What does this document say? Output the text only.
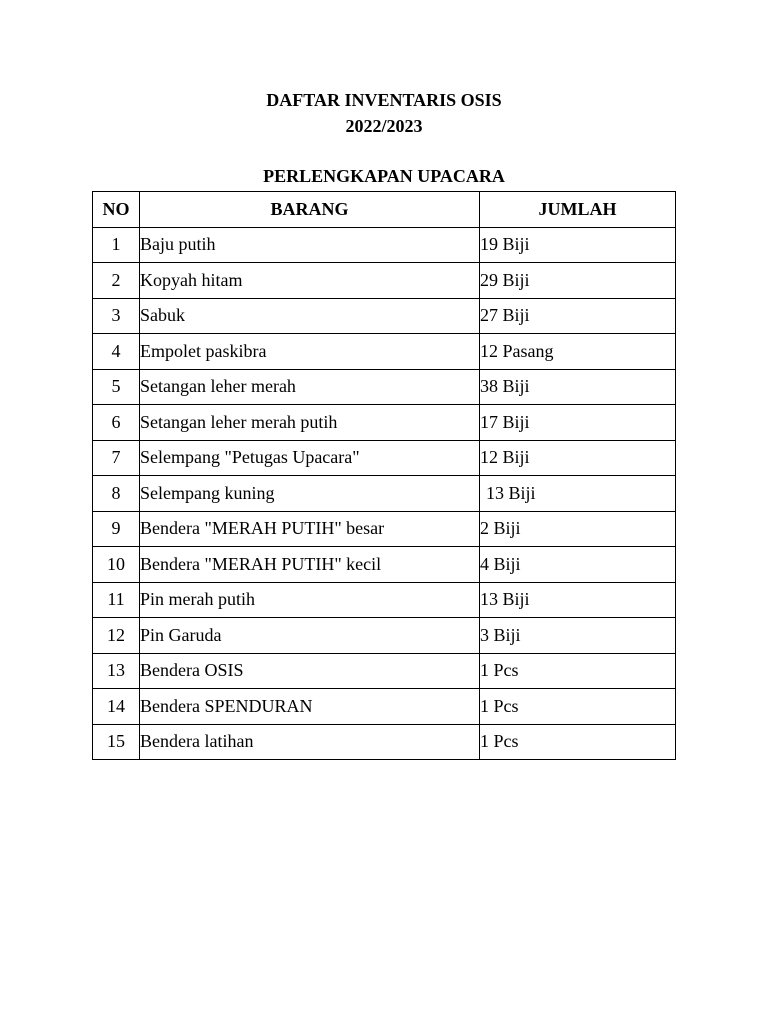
DAFTAR INVENTARIS OSIS
2022/2023
PERLENGKAPAN UPACARA
NO	BARANG	JUMLAH
1	Baju putih	19 Biji
2	Kopyah hitam	29 Biji
3	Sabuk	27 Biji
4	Empolet paskibra	12 Pasang
5	Setangan leher merah	38 Biji
6	Setangan leher merah putih	17 Biji
7	Selempang "Petugas Upacara"	12 Biji
8	Selempang kuning	13 Biji
9	Bendera "MERAH PUTIH" besar	2 Biji
10	Bendera "MERAH PUTIH" kecil	4 Biji
11	Pin merah putih	13 Biji
12	Pin Garuda	3 Biji
13	Bendera OSIS	1 Pcs
14	Bendera SPENDURAN	1 Pcs
15	Bendera latihan	1 Pcs
